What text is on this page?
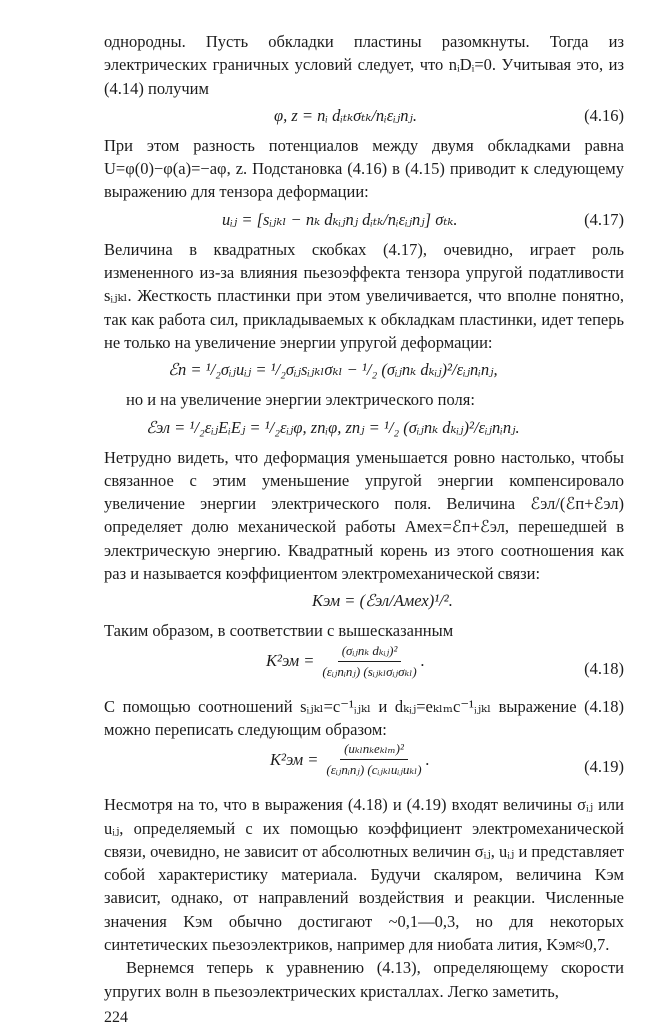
однородны. Пусть обкладки пластины разомкнуты. Тогда из электрических граничных условий следует, что nᵢDᵢ=0. Учитывая это, из (4.14) получим

φ, z = nᵢ dᵢₜₖσₜₖ/nᵢεᵢⱼnⱼ.	(4.16)

При этом разность потенциалов между двумя обкладками равна U=φ(0)−φ(a)=−aφ, z. Подстановка (4.16) в (4.15) приводит к следующему выражению для тензора деформации:

uᵢⱼ = [sᵢⱼₖₗ − nₖ dₖᵢⱼnⱼ dᵢₜₖ/nᵢεᵢⱼnⱼ] σₜₖ.	(4.17)

Величина в квадратных скобках (4.17), очевидно, играет роль измененного из-за влияния пьезоэффекта тензора упругой податливости sᵢⱼₖₗ. Жесткость пластинки при этом увеличивается, что вполне понятно, так как работа сил, прикладываемых к обкладкам пластинки, идет теперь не только на увеличение энергии упругой деформации:

ℰп = ¹/₂σᵢⱼuᵢⱼ = ¹/₂σᵢⱼsᵢⱼₖₗσₖₗ − ¹/₂ (σᵢⱼnₖ dₖᵢⱼ)²/εᵢⱼnᵢnⱼ,

но и на увеличение энергии электрического поля:

ℰэл = ¹/₂εᵢⱼEᵢEⱼ = ¹/₂εᵢⱼφ, znᵢφ, znⱼ = ¹/₂ (σᵢⱼnₖ dₖᵢⱼ)²/εᵢⱼnᵢnⱼ.

Нетрудно видеть, что деформация уменьшается ровно настолько, чтобы связанное с этим уменьшение упругой энергии компенсировало увеличение энергии электрического поля. Величина ℰэл/(ℰп+ℰэл) определяет долю механической работы Aмех=ℰп+ℰэл, перешедшей в электрическую энергию. Квадратный корень из этого соотношения как раз и называется коэффициентом электромеханической связи:

Kэм = (ℰэл/Aмех)¹/².

Таким образом, в соответствии с вышесказанным

$K^2эм = \frac{\text{(σᵢⱼnₖ dₖᵢⱼ)²}}{\text{(εᵢⱼnᵢnⱼ) (sᵢⱼₖₗσᵢⱼσₖₗ)}}$ .	(4.18)

С помощью соотношений sᵢⱼₖₗ=c⁻¹ᵢⱼₖₗ и dₖᵢⱼ=eₖₗₘc⁻¹ᵢⱼₖₗ выражение (4.18) можно переписать следующим образом:

$K^2эм = \frac{\text{(uₖₗnₖeₖₗₘ)²}}{\text{(εᵢⱼnᵢnⱼ) (cᵢⱼₖₗuᵢⱼuₖₗ)}}$ .	(4.19)

Несмотря на то, что в выражения (4.18) и (4.19) входят величины σᵢⱼ или uᵢⱼ, определяемый с их помощью коэффициент электромеханической связи, очевидно, не зависит от абсолютных величин σᵢⱼ, uᵢⱼ и представляет собой характеристику материала. Будучи скаляром, величина Kэм зависит, однако, от направлений воздействия и реакции. Численные значения Kэм обычно достигают ~0,1—0,3, но для некоторых синтетических пьезоэлектриков, например для ниобата лития, Kэм≈0,7.

Вернемся теперь к уравнению (4.13), определяющему скорости упругих волн в пьезоэлектрических кристаллах. Легко заметить,

224
